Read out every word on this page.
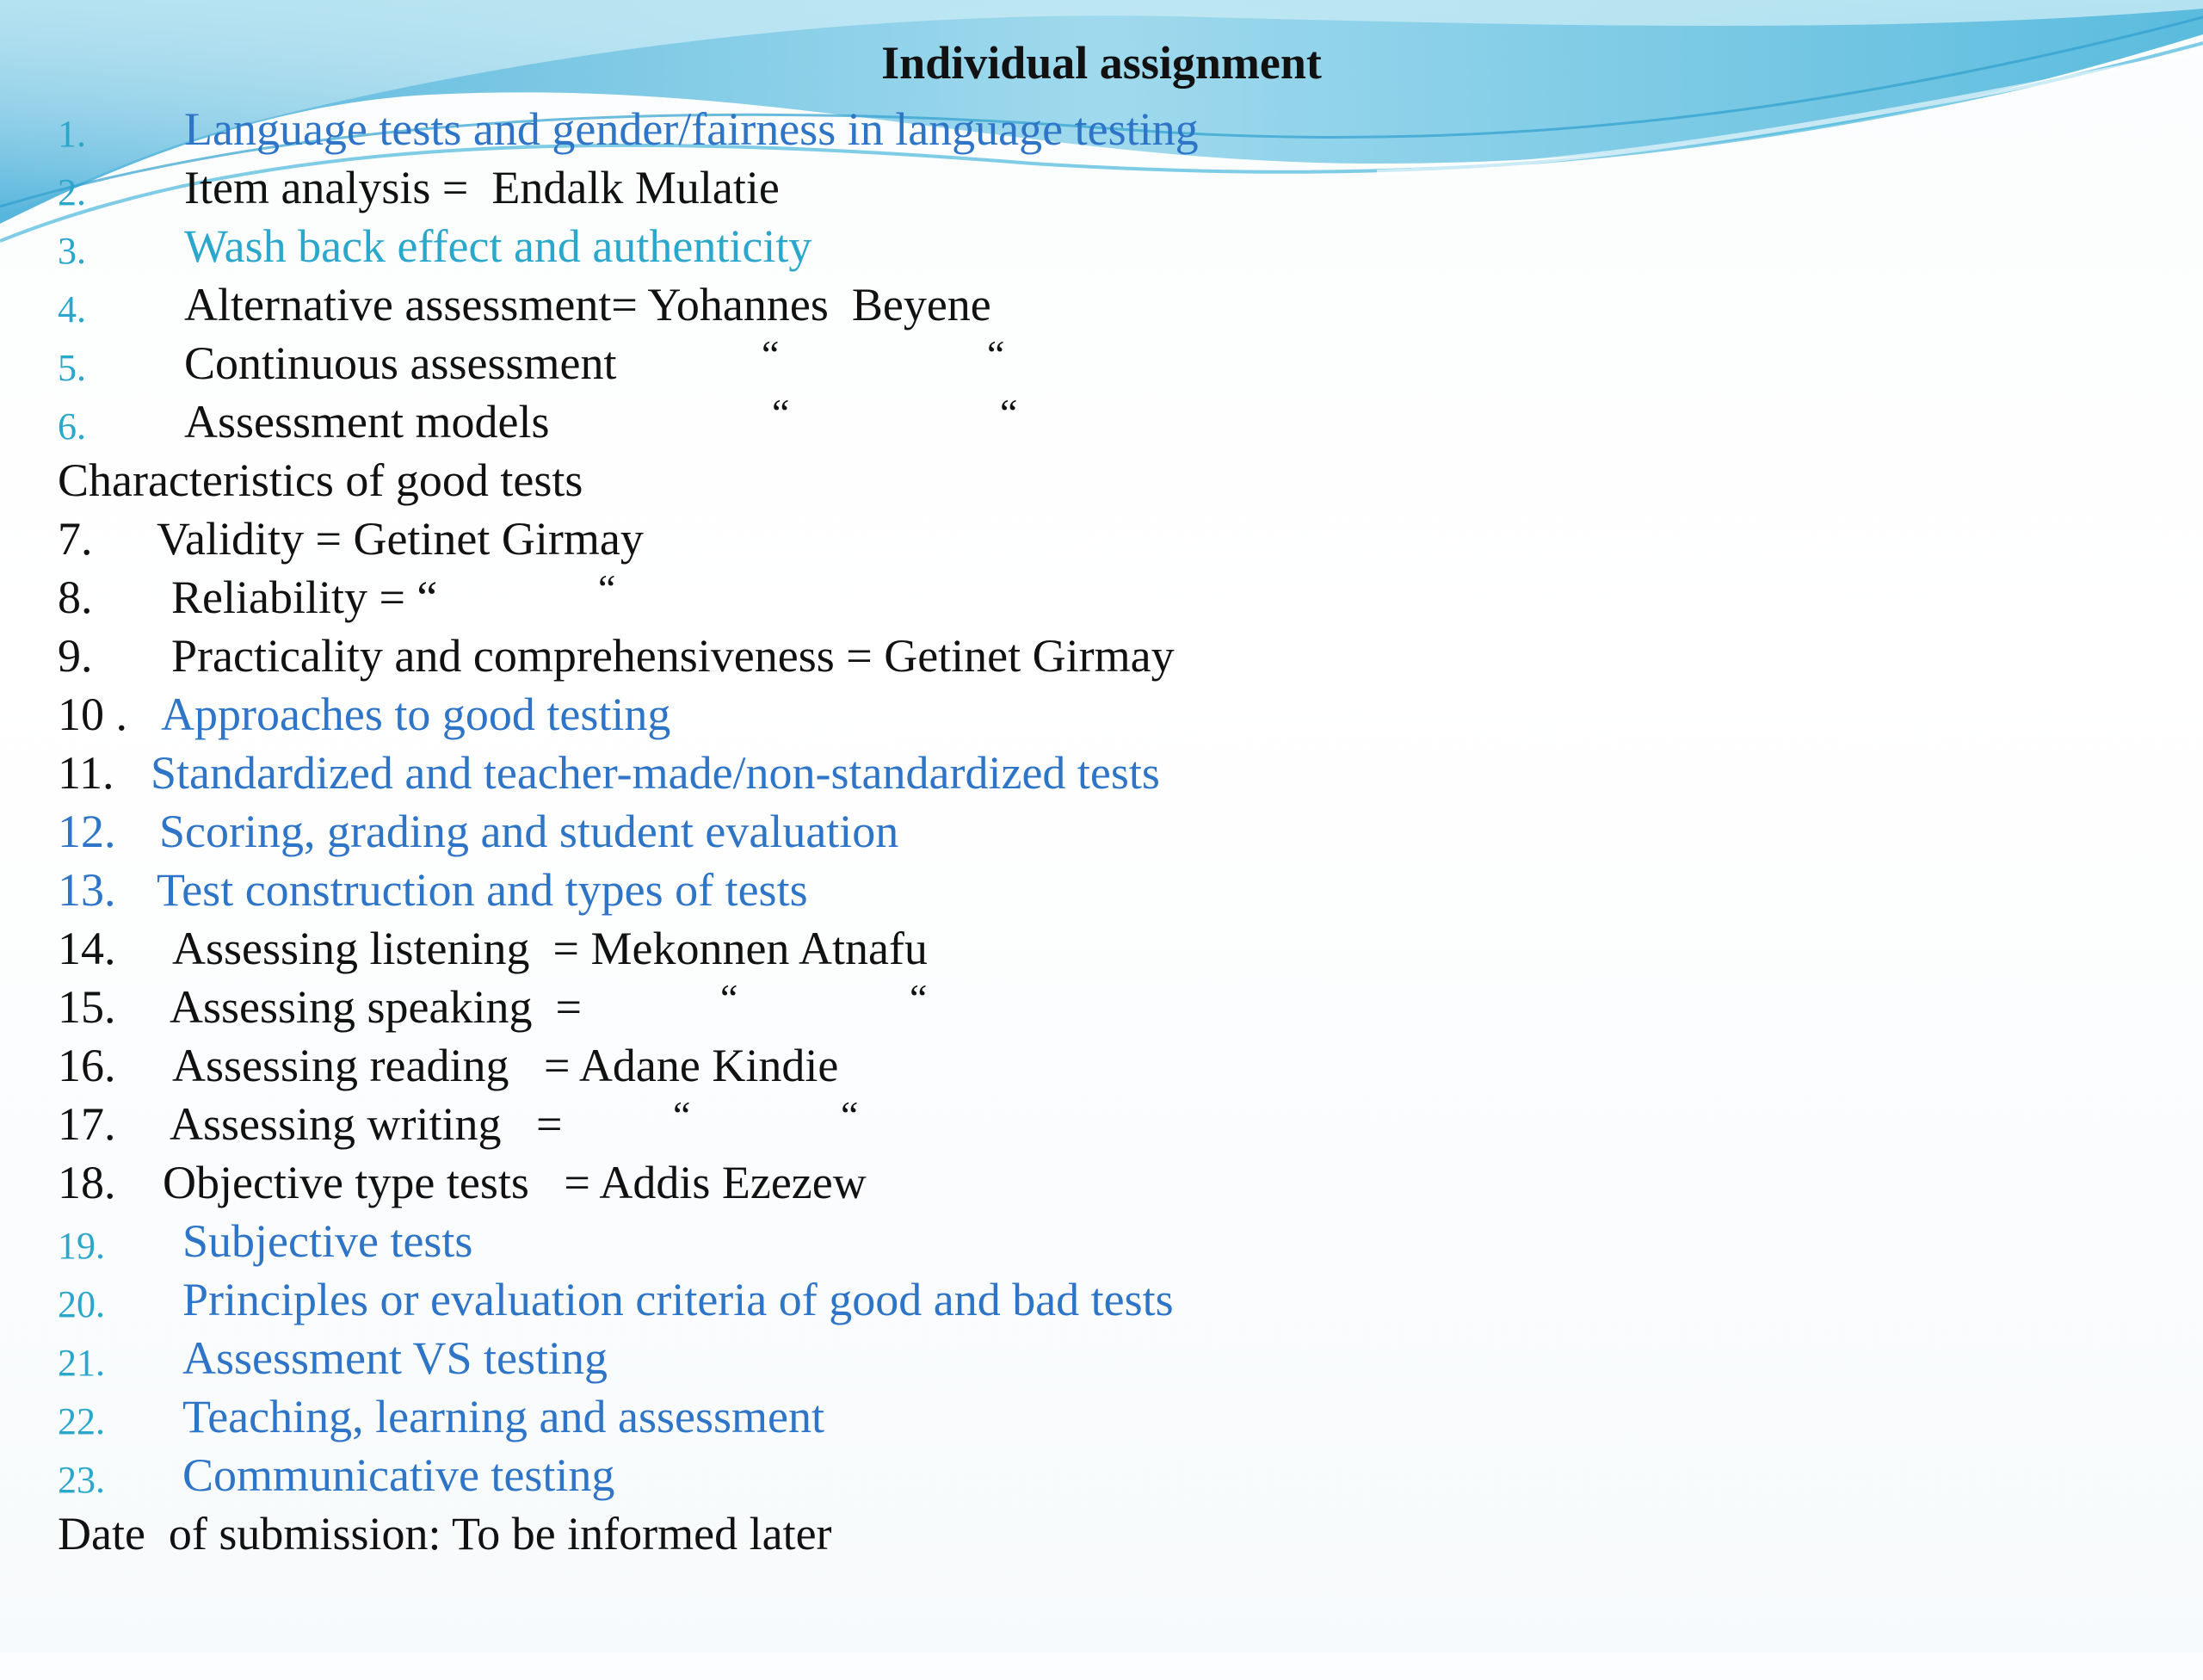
Individual assignment

1.

Language tests and gender/fairness in language testing

2.

Item analysis =  Endalk Mulatie

3.

Wash back effect and authenticity

4.

Alternative assessment= Yohannes  Beyene

5.

Continuous assessment

	“

	“

6.

Assessment models

	“

	“

Characteristics of good tests

7.

Validity = Getinet Girmay

8.

Reliability = “

	“

9.

Practicality and comprehensiveness = Getinet Girmay

10 .

Approaches to good testing

11.

Standardized and teacher-made/non-standardized tests

12.

Scoring, grading and student evaluation

13.

Test construction and types of tests

14.

Assessing listening  = Mekonnen Atnafu

15.

Assessing speaking  =

	“

	“

16.

Assessing reading   = Adane Kindie

17.

Assessing writing   =

	“

	“

18.

Objective type tests   = Addis Ezezew

19.

Subjective tests

20.

Principles or evaluation criteria of good and bad tests

21.

Assessment VS testing

22.

Teaching, learning and assessment

23.

Communicative testing

Date  of submission: To be informed later
